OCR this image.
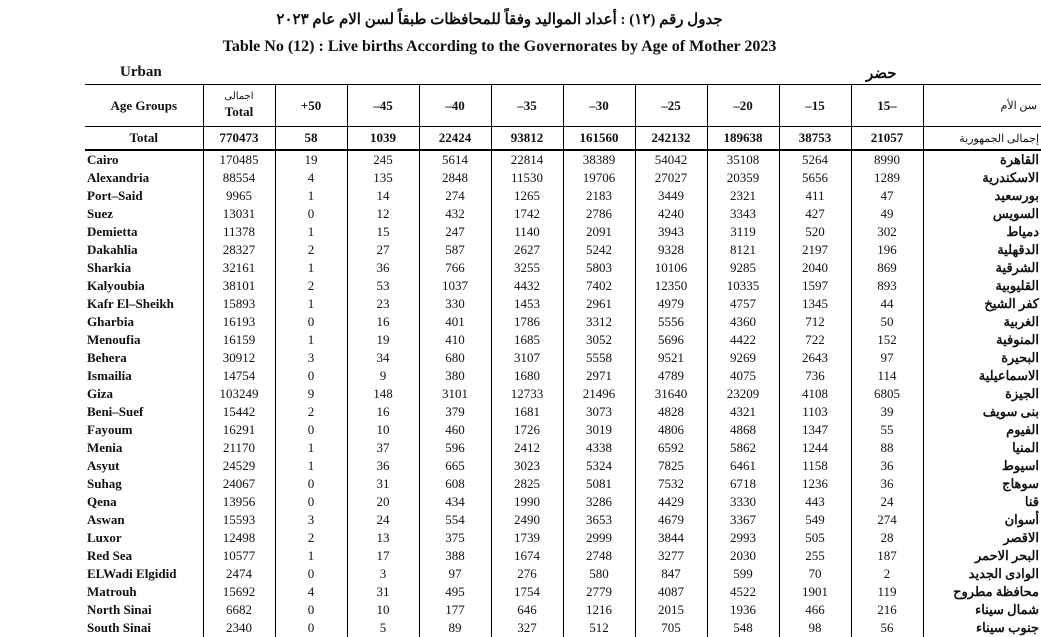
جدول رقم (١٢) : أعداد المواليد وفقاً للمحافظات طبقاً لسن الام عام ٢٠٢٣
Table No (12) : Live births According to the Governorates by Age of Mother 2023
Urban	حضر
Age Groups	اجمالى
Total	+50	–45	–40	–35	–30	–25	–20	–15	15–	سن الأم
Total	770473	58	1039	22424	93812	161560	242132	189638	38753	21057	إجمالى الجمهورية
Cairo	170485	19	245	5614	22814	38389	54042	35108	5264	8990	القاهرة
Alexandria	88554	4	135	2848	11530	19706	27027	20359	5656	1289	الاسكندرية
Port–Said	9965	1	14	274	1265	2183	3449	2321	411	47	بورسعيد
Suez	13031	0	12	432	1742	2786	4240	3343	427	49	السويس
Demietta	11378	1	15	247	1140	2091	3943	3119	520	302	دمياط
Dakahlia	28327	2	27	587	2627	5242	9328	8121	2197	196	الدقهلية
Sharkia	32161	1	36	766	3255	5803	10106	9285	2040	869	الشرقية
Kalyoubia	38101	2	53	1037	4432	7402	12350	10335	1597	893	القليوبية
Kafr El–Sheikh	15893	1	23	330	1453	2961	4979	4757	1345	44	كفر الشيخ
Gharbia	16193	0	16	401	1786	3312	5556	4360	712	50	الغربية
Menoufia	16159	1	19	410	1685	3052	5696	4422	722	152	المنوفية
Behera	30912	3	34	680	3107	5558	9521	9269	2643	97	البحيرة
Ismailia	14754	0	9	380	1680	2971	4789	4075	736	114	الاسماعيلية
Giza	103249	9	148	3101	12733	21496	31640	23209	4108	6805	الجيزة
Beni–Suef	15442	2	16	379	1681	3073	4828	4321	1103	39	بنى سويف
Fayoum	16291	0	10	460	1726	3019	4806	4868	1347	55	الفيوم
Menia	21170	1	37	596	2412	4338	6592	5862	1244	88	المنيا
Asyut	24529	1	36	665	3023	5324	7825	6461	1158	36	اسيوط
Suhag	24067	0	31	608	2825	5081	7532	6718	1236	36	سوهاج
Qena	13956	0	20	434	1990	3286	4429	3330	443	24	قنا
Aswan	15593	3	24	554	2490	3653	4679	3367	549	274	أسوان
Luxor	12498	2	13	375	1739	2999	3844	2993	505	28	الاقصر
Red Sea	10577	1	17	388	1674	2748	3277	2030	255	187	البحر الاحمر
ELWadi Elgidid	2474	0	3	97	276	580	847	599	70	2	الوادى الجديد
Matrouh	15692	4	31	495	1754	2779	4087	4522	1901	119	محافظة مطروح
North Sinai	6682	0	10	177	646	1216	2015	1936	466	216	شمال سيناء
South Sinai	2340	0	5	89	327	512	705	548	98	56	جنوب سيناء
